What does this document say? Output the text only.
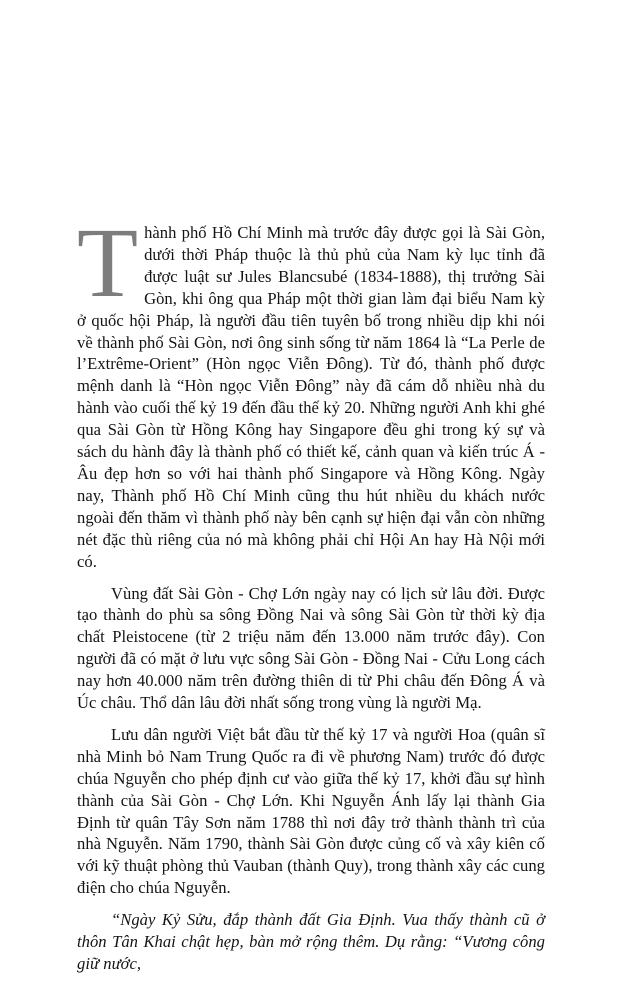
Thành phố Hồ Chí Minh mà trước đây được gọi là Sài Gòn, dưới thời Pháp thuộc là thủ phủ của Nam kỳ lục tỉnh đã được luật sư Jules Blancsubé (1834-1888), thị trưởng Sài Gòn, khi ông qua Pháp một thời gian làm đại biểu Nam kỳ ở quốc hội Pháp, là người đầu tiên tuyên bố trong nhiều dịp khi nói về thành phố Sài Gòn, nơi ông sinh sống từ năm 1864 là “La Perle de l’Extrême-Orient” (Hòn ngọc Viễn Đông). Từ đó, thành phố được mệnh danh là “Hòn ngọc Viễn Đông” này đã cám dỗ nhiều nhà du hành vào cuối thế kỷ 19 đến đầu thế kỷ 20. Những người Anh khi ghé qua Sài Gòn từ Hồng Kông hay Singapore đều ghi trong ký sự và sách du hành đây là thành phố có thiết kế, cảnh quan và kiến trúc Á - Âu đẹp hơn so với hai thành phố Singapore và Hồng Kông. Ngày nay, Thành phố Hồ Chí Minh cũng thu hút nhiều du khách nước ngoài đến thăm vì thành phố này bên cạnh sự hiện đại vẫn còn những nét đặc thù riêng của nó mà không phải chỉ Hội An hay Hà Nội mới có.

Vùng đất Sài Gòn - Chợ Lớn ngày nay có lịch sử lâu đời. Được tạo thành do phù sa sông Đồng Nai và sông Sài Gòn từ thời kỳ địa chất Pleistocene (từ 2 triệu năm đến 13.000 năm trước đây). Con người đã có mặt ở lưu vực sông Sài Gòn - Đồng Nai - Cửu Long cách nay hơn 40.000 năm trên đường thiên di từ Phi châu đến Đông Á và Úc châu. Thổ dân lâu đời nhất sống trong vùng là người Mạ.

Lưu dân người Việt bắt đầu từ thế kỷ 17 và người Hoa (quân sĩ nhà Minh bỏ Nam Trung Quốc ra đi về phương Nam) trước đó được chúa Nguyễn cho phép định cư vào giữa thế kỷ 17, khởi đầu sự hình thành của Sài Gòn - Chợ Lớn. Khi Nguyễn Ánh lấy lại thành Gia Định từ quân Tây Sơn năm 1788 thì nơi đây trở thành thành trì của nhà Nguyễn. Năm 1790, thành Sài Gòn được củng cố và xây kiên cố với kỹ thuật phòng thủ Vauban (thành Quy), trong thành xây các cung điện cho chúa Nguyễn.

“Ngày Kỷ Sửu, đắp thành đất Gia Định. Vua thấy thành cũ ở thôn Tân Khai chật hẹp, bàn mở rộng thêm. Dụ rằng: “Vương công giữ nước,
